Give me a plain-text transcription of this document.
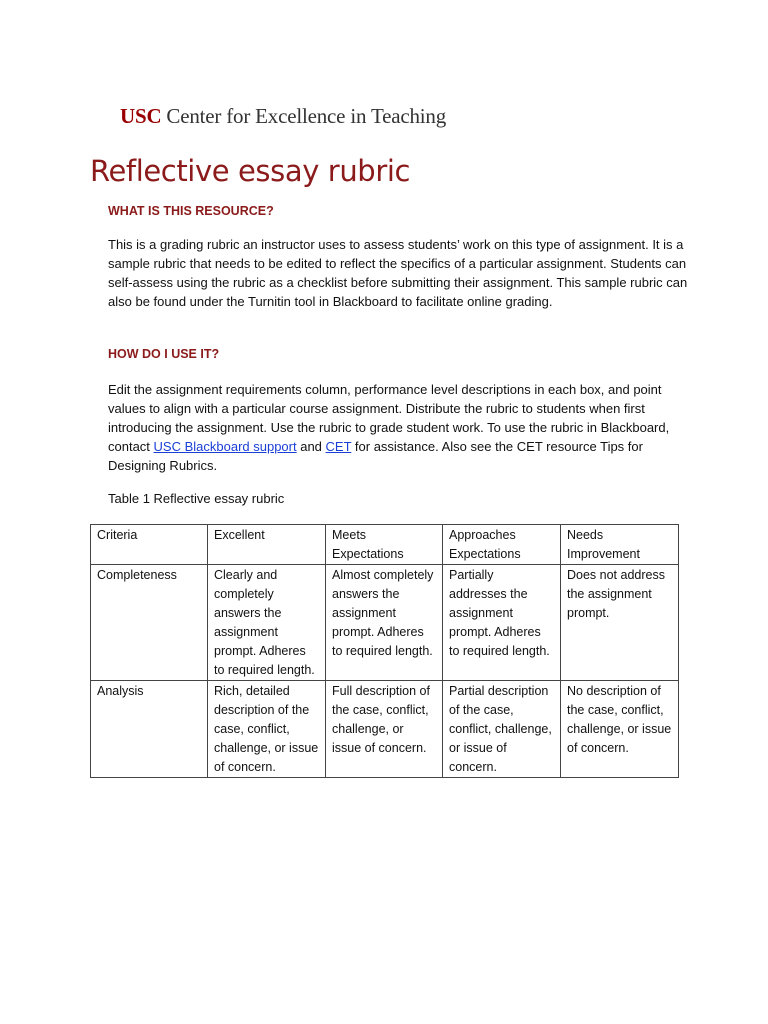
USC Center for Excellence in Teaching
Reflective essay rubric
WHAT IS THIS RESOURCE?

This is a grading rubric an instructor uses to assess students’ work on this type of assignment. It is a sample rubric that needs to be edited to reflect the specifics of a particular assignment. Students can self-assess using the rubric as a checklist before submitting their assignment. This sample rubric can also be found under the Turnitin tool in Blackboard to facilitate online grading.

HOW DO I USE IT?

Edit the assignment requirements column, performance level descriptions in each box, and point values to align with a particular course assignment. Distribute the rubric to students when first introducing the assignment. Use the rubric to grade student work. To use the rubric in Blackboard, contact USC Blackboard support and CET for assistance. Also see the CET resource Tips for Designing Rubrics.

Table 1 Reflective essay rubric

Criteria	Excellent	Meets Expectations	Approaches Expectations	Needs Improvement
Completeness	Clearly and completely answers the assignment prompt. Adheres to required length.	Almost completely answers the assignment prompt. Adheres to required length.	Partially addresses the assignment prompt. Adheres to required length.	Does not address the assignment prompt.
Analysis	Rich, detailed description of the case, conflict, challenge, or issue of concern.	Full description of the case, conflict, challenge, or issue of concern.	Partial description of the case, conflict, challenge, or issue of concern.	No description of the case, conflict, challenge, or issue of concern.
